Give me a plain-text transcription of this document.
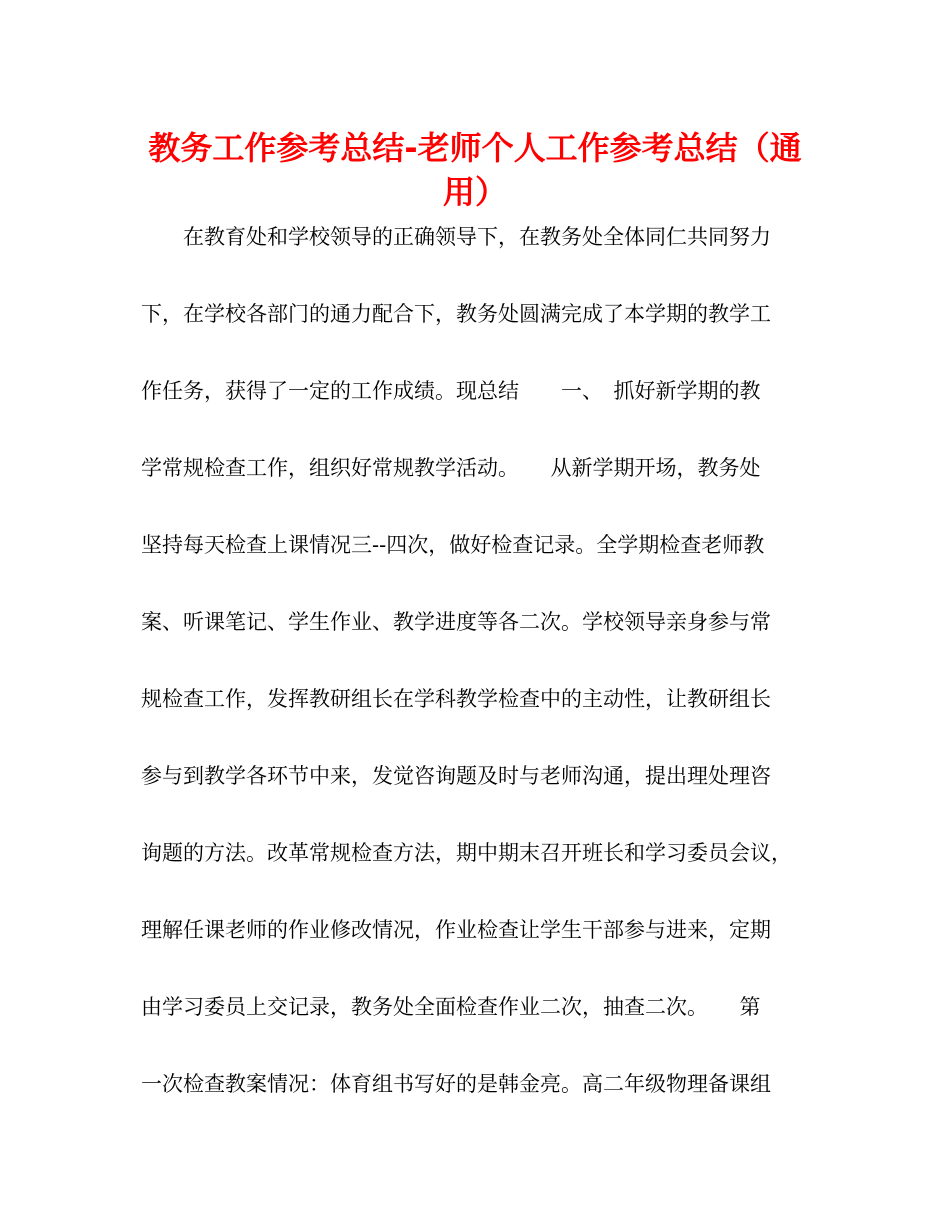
教务工作参考总结-老师个人工作参考总结（通
用）
　　在教育处和学校领导的正确领导下，在教务处全体同仁共同努力
下，在学校各部门的通力配合下，教务处圆满完成了本学期的教学工
作任务，获得了一定的工作成绩。现总结　　一、　抓好新学期的教
学常规检查工作，组织好常规教学活动。　　从新学期开场，教务处
坚持每天检查上课情况三--四次，做好检查记录。全学期检查老师教
案、听课笔记、学生作业、教学进度等各二次。学校领导亲身参与常
规检查工作，发挥教研组长在学科教学检查中的主动性，让教研组长
参与到教学各环节中来，发觉咨询题及时与老师沟通，提出理处理咨
询题的方法。改革常规检查方法，期中期末召开班长和学习委员会议，
理解任课老师的作业修改情况，作业检查让学生干部参与进来，定期
由学习委员上交记录，教务处全面检查作业二次，抽查二次。　　第
一次检查教案情况：体育组书写好的是韩金亮。高二年级物理备课组
